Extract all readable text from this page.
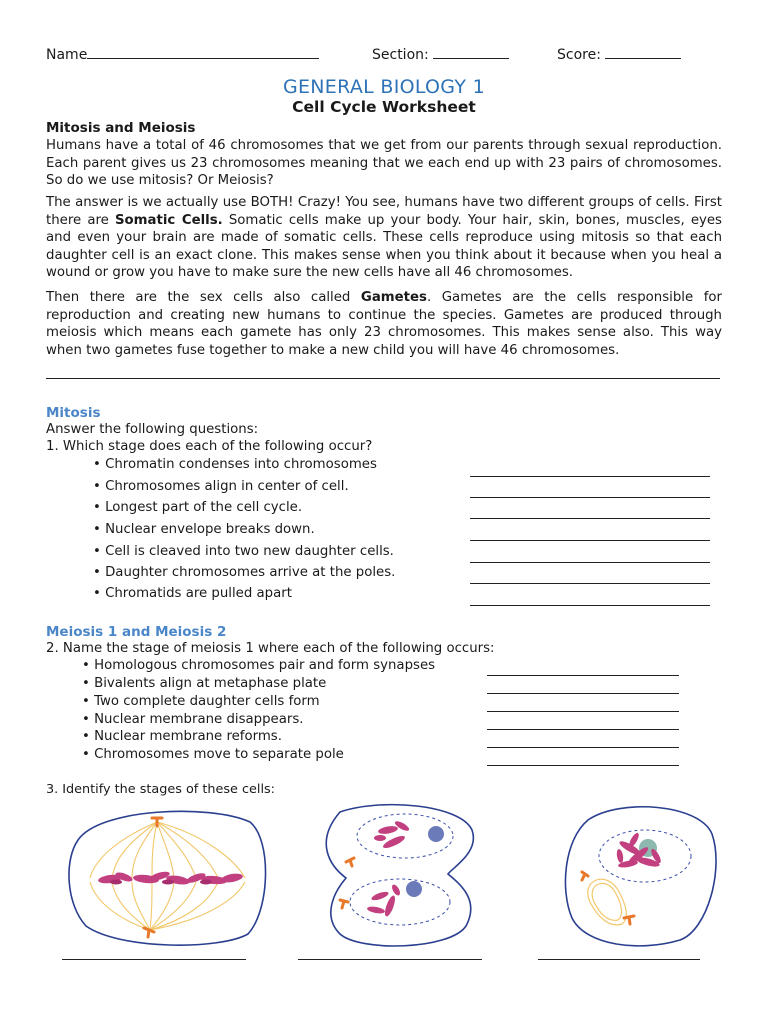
Name	Section:	Score:
GENERAL BIOLOGY 1
Cell Cycle Worksheet
Mitosis and Meiosis
Humans have a total of 46 chromosomes that we get from our parents through sexual reproduction. Each parent gives us 23 chromosomes meaning that we each end up with 23 pairs of chromosomes. So do we use mitosis? Or Meiosis?
The answer is we actually use BOTH! Crazy! You see, humans have two different groups of cells. First there are Somatic Cells. Somatic cells make up your body. Your hair, skin, bones, muscles, eyes and even your brain are made of somatic cells. These cells reproduce using mitosis so that each daughter cell is an exact clone. This makes sense when you think about it because when you heal a wound or grow you have to make sure the new cells have all 46 chromosomes.
Then there are the sex cells also called Gametes. Gametes are the cells responsible for reproduction and creating new humans to continue the species. Gametes are produced through meiosis which means each gamete has only 23 chromosomes. This makes sense also. This way when two gametes fuse together to make a new child you will have 46 chromosomes.
Mitosis
Answer the following questions:
1. Which stage does each of the following occur?
• Chromatin condenses into chromosomes
• Chromosomes align in center of cell.
• Longest part of the cell cycle.
• Nuclear envelope breaks down.
• Cell is cleaved into two new daughter cells.
• Daughter chromosomes arrive at the poles.
• Chromatids are pulled apart
Meiosis 1 and Meiosis 2
2. Name the stage of meiosis 1 where each of the following occurs:
• Homologous chromosomes pair and form synapses
• Bivalents align at metaphase plate
• Two complete daughter cells form
• Nuclear membrane disappears.
• Nuclear membrane reforms.
• Chromosomes move to separate pole
3. Identify the stages of these cells:
